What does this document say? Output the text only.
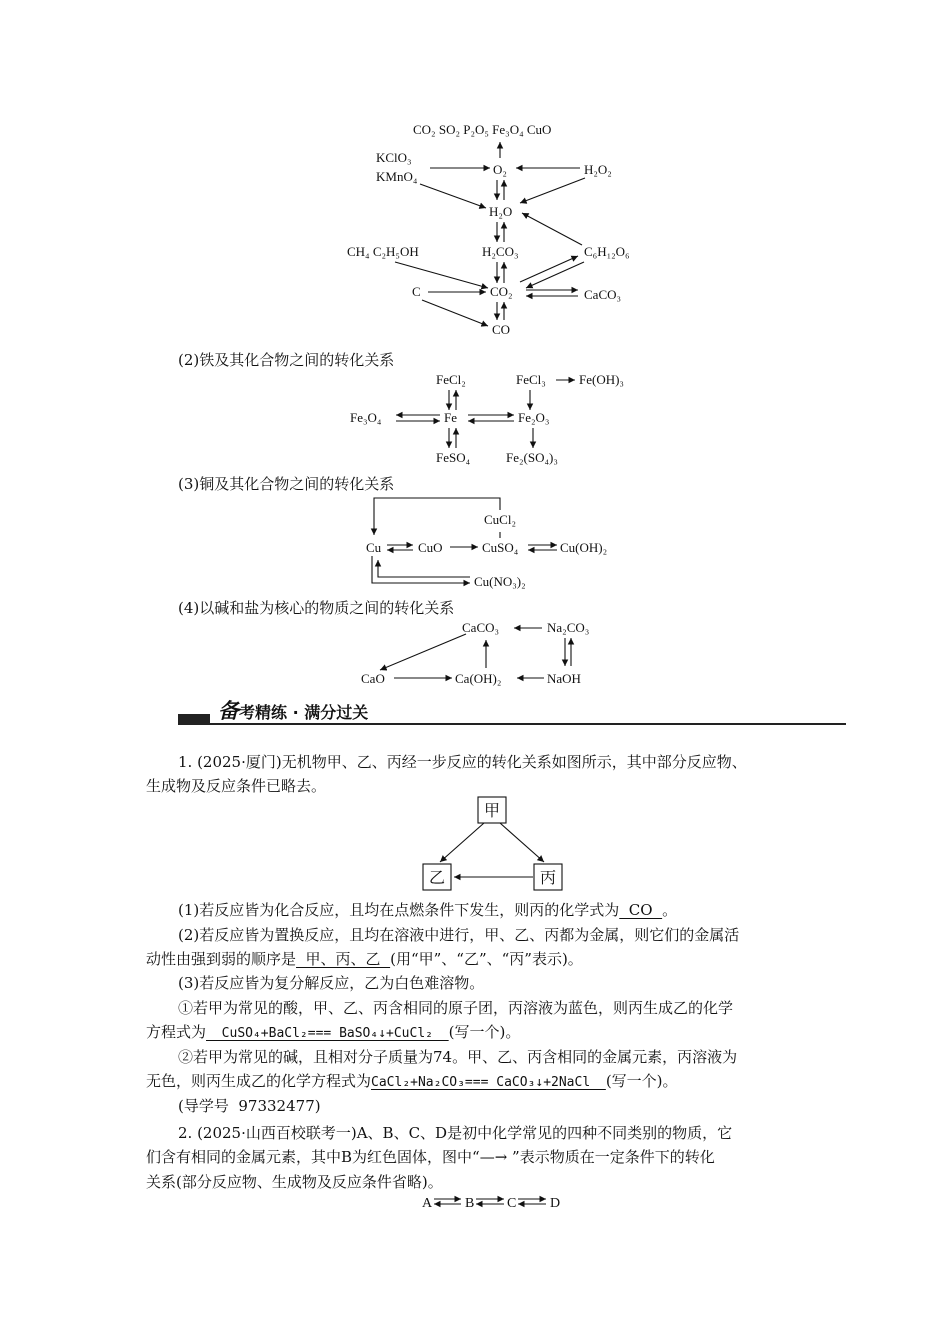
CO₂ SO₂ P₂O₅ Fe₃O₄ CuO
KClO₃
KMnO₄	O₂	H₂O₂
H₂O
CH₄ C₂H₅OH	H₂CO₃	C₆H₁₂O₆
C	CO₂	CaCO₃
CO
(2)铁及其化合物之间的转化关系
FeCl₂	FeCl₃	Fe(OH)₃
Fe₃O₄	Fe	Fe₂O₃
FeSO₄	Fe₂(SO₄)₃
(3)铜及其化合物之间的转化关系
CuCl₂
Cu	CuO	CuSO₄	Cu(OH)₂
Cu(NO₃)₂
(4)以碱和盐为核心的物质之间的转化关系
CaCO₃	Na₂CO₃
CaO	Ca(OH)₂	NaOH
备考精练 · 满分过关
1. (2025·厦门)无机物甲、乙、丙经一步反应的转化关系如图所示，其中部分反应物、
生成物及反应条件已略去。
甲
乙	丙
(1)若反应皆为化合反应，且均在点燃条件下发生，则丙的化学式为  CO  。
(2)若反应皆为置换反应，且均在溶液中进行，甲、乙、丙都为金属，则它们的金属活
动性由强到弱的顺序是  甲、丙、乙  (用“甲”、“乙”、“丙”表示)。
(3)若反应皆为复分解反应，乙为白色难溶物。
①若甲为常见的酸，甲、乙、丙含相同的原子团，丙溶液为蓝色，则丙生成乙的化学
方程式为  CuSO₄+BaCl₂=== BaSO₄↓+CuCl₂  (写一个)。
②若甲为常见的碱，且相对分子质量为74。甲、乙、丙含相同的金属元素，丙溶液为
无色，则丙生成乙的化学方程式为CaCl₂+Na₂CO₃=== CaCO₃↓+2NaCl  (写一个)。
(导学号  97332477)
2. (2025·山西百校联考一)A、B、C、D是初中化学常见的四种不同类别的物质，它
们含有相同的金属元素，其中B为红色固体，图中“—→ ”表示物质在一定条件下的转化
关系(部分反应物、生成物及反应条件省略)。
A B C D
